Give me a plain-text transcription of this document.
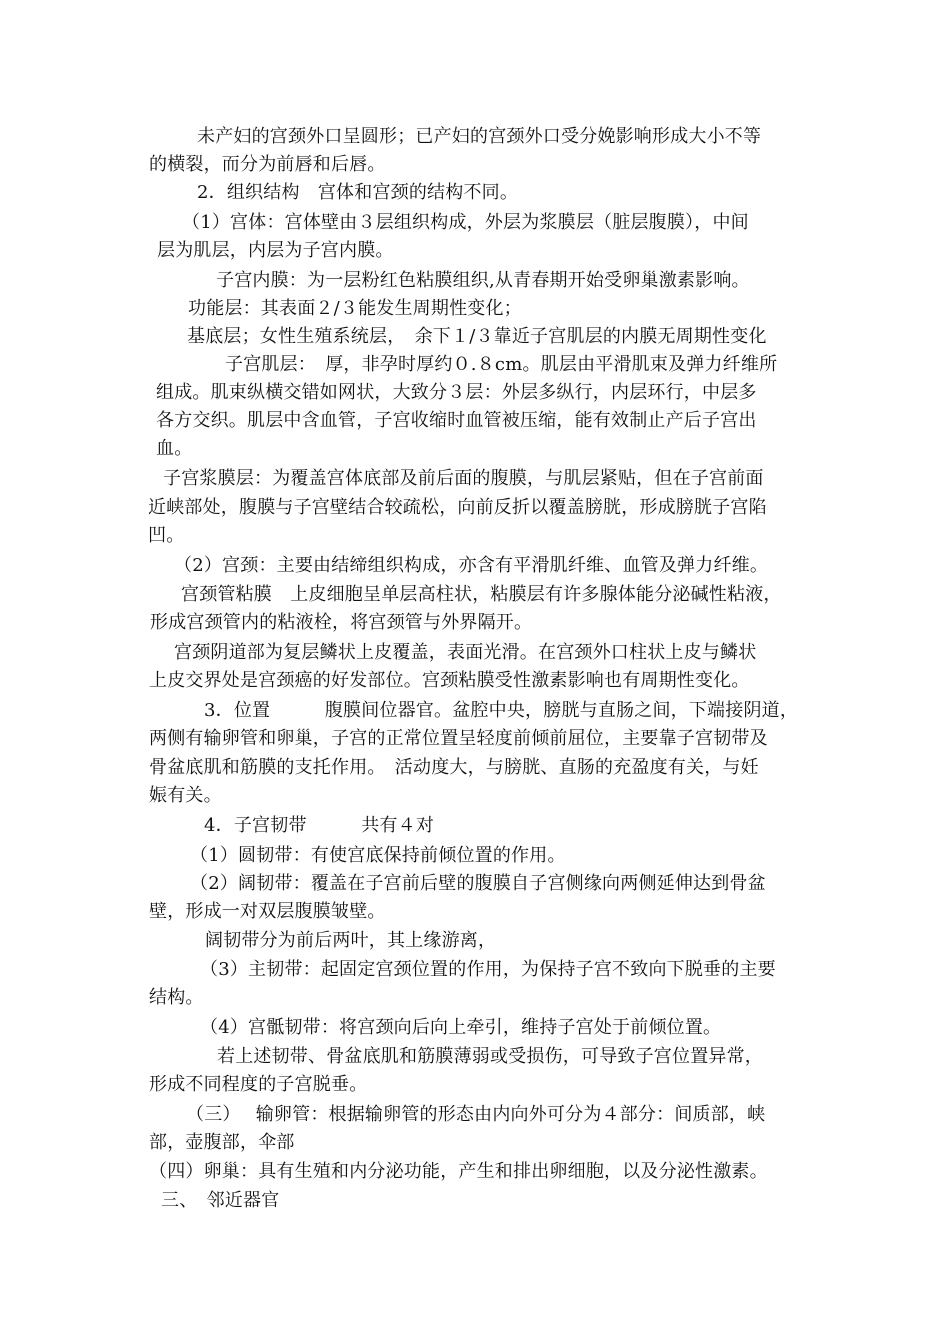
未产妇的宫颈外口呈圆形；已产妇的宫颈外口受分娩影响形成大小不等
的横裂，而分为前唇和后唇。
2．组织结构　宫体和宫颈的结构不同。
（1）宫体：宫体壁由３层组织构成，外层为浆膜层（脏层腹膜），中间
层为肌层，内层为子宫内膜。
子宫内膜：为一层粉红色粘膜组织,从青春期开始受卵巢激素影响。
功能层：其表面２/３能发生周期性变化；
基底层；女性生殖系统层，　余下１/３靠近子宫肌层的内膜无周期性变化
子宫肌层：　厚，非孕时厚约０.８cm。肌层由平滑肌束及弹力纤维所
组成。肌束纵横交错如网状，大致分３层：外层多纵行，内层环行，中层多
各方交织。肌层中含血管，子宫收缩时血管被压缩，能有效制止产后子宫出
血。
子宫浆膜层：为覆盖宫体底部及前后面的腹膜，与肌层紧贴，但在子宫前面
近峡部处，腹膜与子宫壁结合较疏松，向前反折以覆盖膀胱，形成膀胱子宫陷
凹。
（2）宫颈：主要由结缔组织构成，亦含有平滑肌纤维、血管及弹力纤维。
宫颈管粘膜　上皮细胞呈单层高柱状，粘膜层有许多腺体能分泌碱性粘液，
形成宫颈管内的粘液栓，将宫颈管与外界隔开。
宫颈阴道部为复层鳞状上皮覆盖，表面光滑。在宫颈外口柱状上皮与鳞状
上皮交界处是宫颈癌的好发部位。宫颈粘膜受性激素影响也有周期性变化。
3．位置　　　腹膜间位器官。盆腔中央，膀胱与直肠之间，下端接阴道，
两侧有输卵管和卵巢，子宫的正常位置呈轻度前倾前屈位，主要靠子宫韧带及
骨盆底肌和筋膜的支托作用。　活动度大，与膀胱、直肠的充盈度有关，与妊
娠有关。
4．子宫韧带　　　共有４对
（1）圆韧带：有使宫底保持前倾位置的作用。
（2）阔韧带：覆盖在子宫前后壁的腹膜自子宫侧缘向两侧延伸达到骨盆
壁，形成一对双层腹膜皱壁。
阔韧带分为前后两叶，其上缘游离，
（3）主韧带：起固定宫颈位置的作用，为保持子宫不致向下脱垂的主要
结构。
（4）宫骶韧带：将宫颈向后向上牵引，维持子宫处于前倾位置。
若上述韧带、骨盆底肌和筋膜薄弱或受损伤，可导致子宫位置异常，
形成不同程度的子宫脱垂。
（三）　 输卵管：根据输卵管的形态由内向外可分为４部分：间质部，峡
部，壶腹部，伞部
（四）卵巢：具有生殖和内分泌功能，产生和排出卵细胞，以及分泌性激素。
三、　邻近器官
